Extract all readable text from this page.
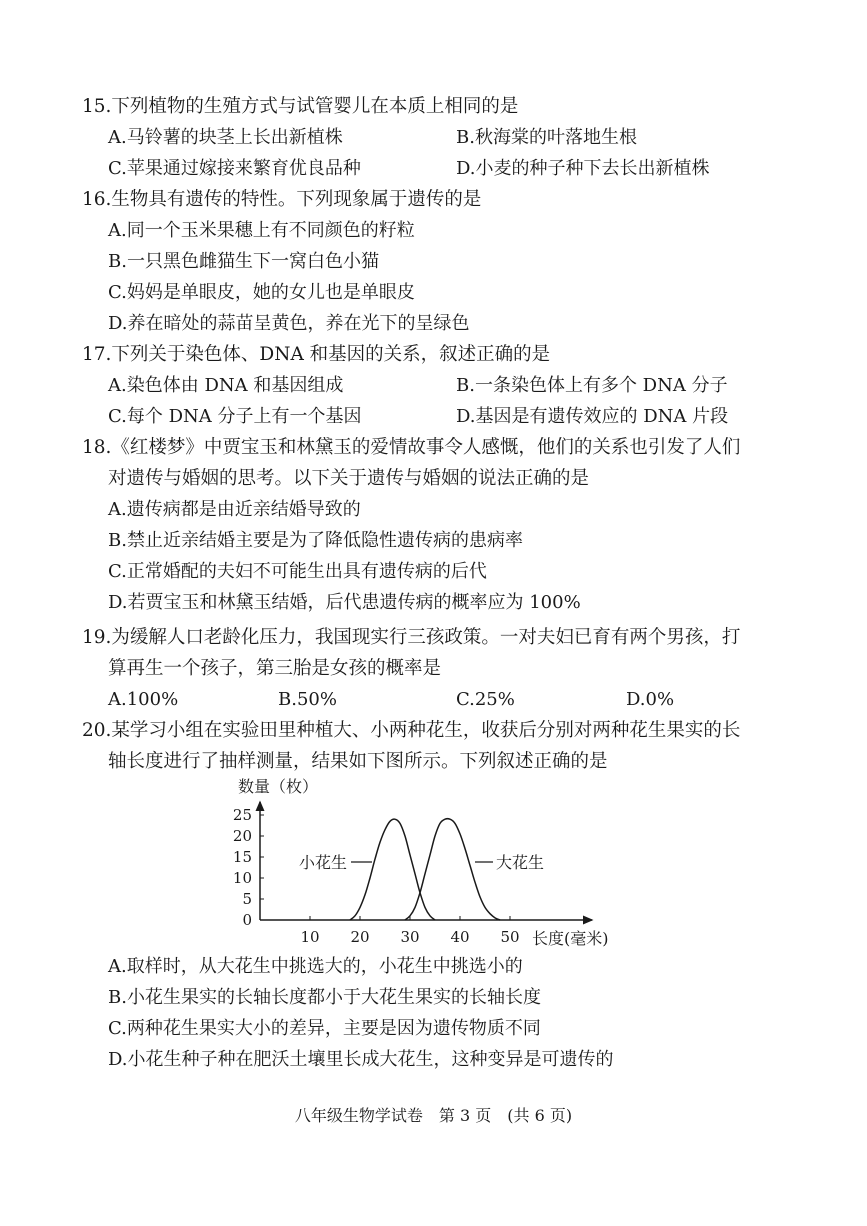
15.下列植物的生殖方式与试管婴儿在本质上相同的是
A.马铃薯的块茎上长出新植株	B.秋海棠的叶落地生根
C.苹果通过嫁接来繁育优良品种	D.小麦的种子种下去长出新植株
16.生物具有遗传的特性。下列现象属于遗传的是
A.同一个玉米果穗上有不同颜色的籽粒
B.一只黑色雌猫生下一窝白色小猫
C.妈妈是单眼皮，她的女儿也是单眼皮
D.养在暗处的蒜苗呈黄色，养在光下的呈绿色
17.下列关于染色体、DNA 和基因的关系，叙述正确的是
A.染色体由 DNA 和基因组成	B.一条染色体上有多个 DNA 分子
C.每个 DNA 分子上有一个基因	D.基因是有遗传效应的 DNA 片段
18.《红楼梦》中贾宝玉和林黛玉的爱情故事令人感慨，他们的关系也引发了人们
对遗传与婚姻的思考。以下关于遗传与婚姻的说法正确的是
A.遗传病都是由近亲结婚导致的
B.禁止近亲结婚主要是为了降低隐性遗传病的患病率
C.正常婚配的夫妇不可能生出具有遗传病的后代
D.若贾宝玉和林黛玉结婚，后代患遗传病的概率应为 100%
19.为缓解人口老龄化压力，我国现实行三孩政策。一对夫妇已育有两个男孩，打
算再生一个孩子，第三胎是女孩的概率是
A.100%	B.50%	C.25%	D.0%
20.某学习小组在实验田里种植大、小两种花生，收获后分别对两种花生果实的长
轴长度进行了抽样测量，结果如下图所示。下列叙述正确的是
数量（枚）
0
5
10
15
20
25
10 20 30 40 50
小花生	大花生
长度(毫米)
A.取样时，从大花生中挑选大的，小花生中挑选小的
B.小花生果实的长轴长度都小于大花生果实的长轴长度
C.两种花生果实大小的差异，主要是因为遗传物质不同
D.小花生种子种在肥沃土壤里长成大花生，这种变异是可遗传的
八年级生物学试卷　第 3 页　(共 6 页)
